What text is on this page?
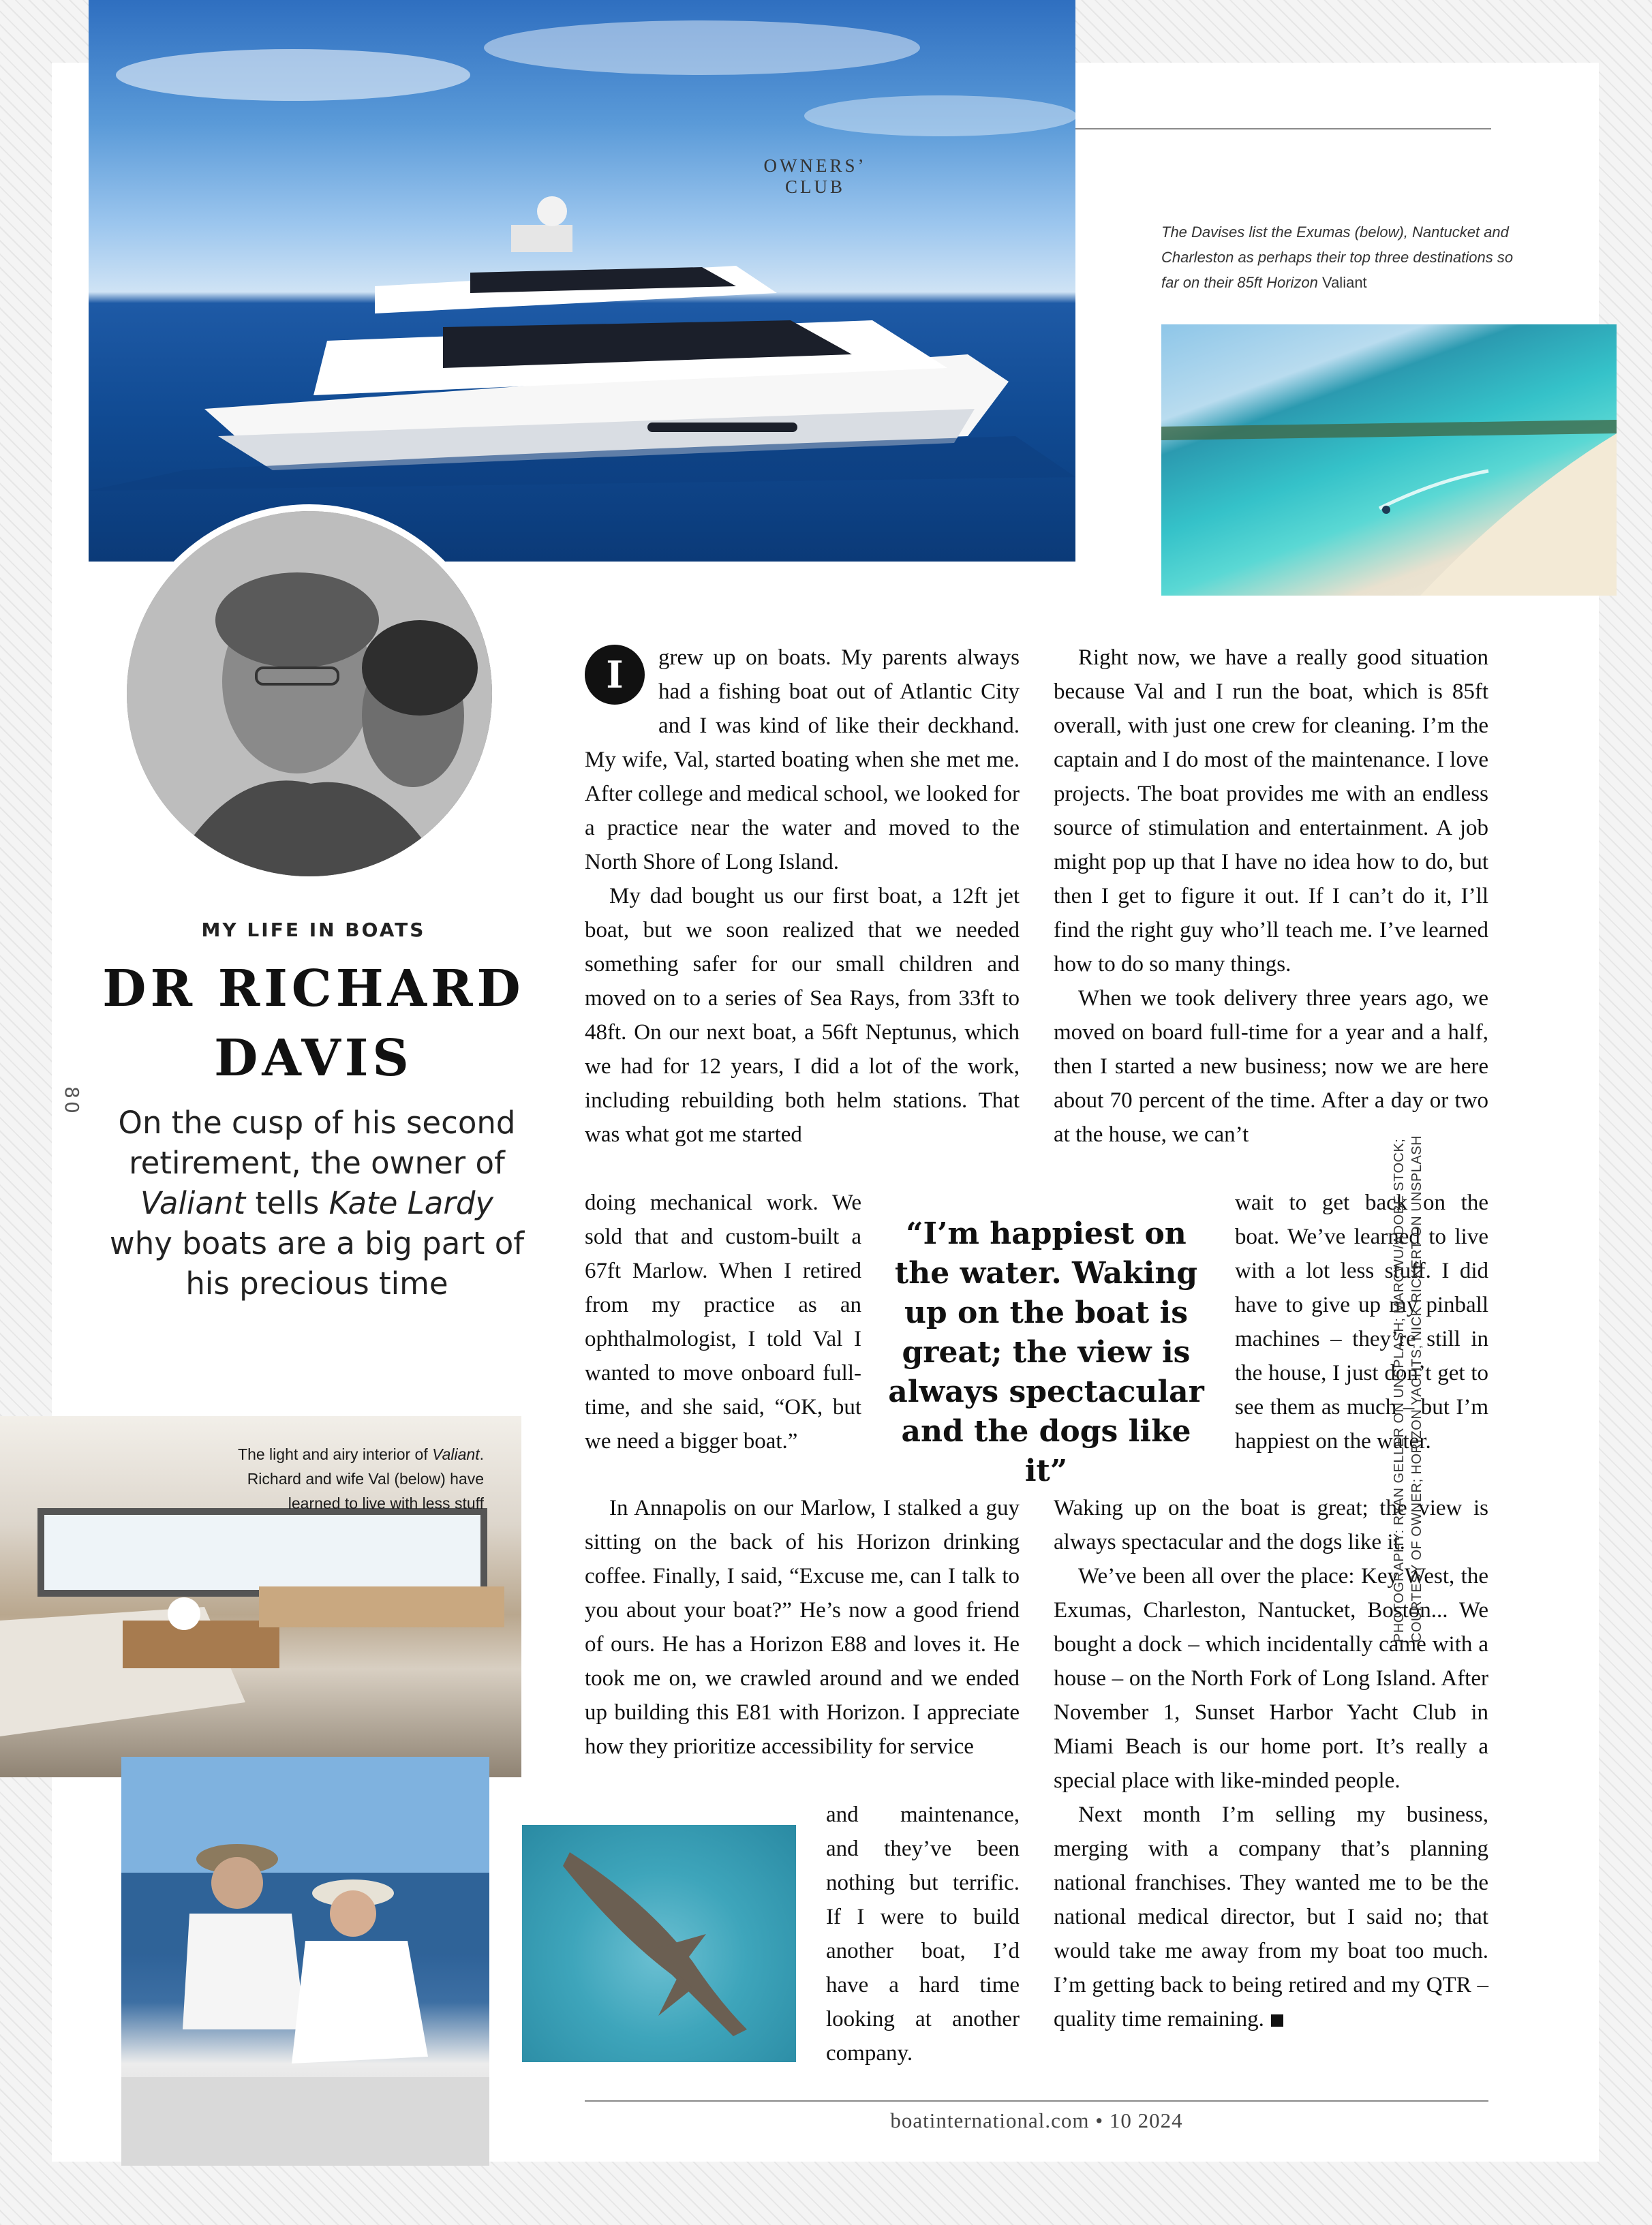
OWNERS’ CLUB
The Davises list the Exumas (below), Nantucket and Charleston as perhaps their top three destinations so far on their 85ft Horizon Valiant
MY LIFE IN BOATS
DR RICHARD
DAVIS
On the cusp of his second retirement, the owner of Valiant tells Kate Lardy why boats are a big part of his precious time
80
The light and airy interior of Valiant. Richard and wife Val (below) have learned to live with less stuff
I	grew up on boats. My parents always had a fishing boat out of Atlantic City and I was kind of like their deckhand. My wife, Val, started boating when she met me. After college and medical school, we looked for a practice near the water and moved to the North Shore of Long Island.

My dad bought us our first boat, a 12ft jet boat, but we soon realized that we needed something safer for our small children and moved on to a series of Sea Rays, from 33ft to 48ft. On our next boat, a 56ft Neptunus, which we had for 12 years, I did a lot of the work, including rebuilding both helm stations. That was what got me started

doing mechanical work. We sold that and custom-built a 67ft Marlow. When I retired from my practice as an ophthalmologist, I told Val I wanted to move onboard full-time, and she said, “OK, but we need a bigger boat.”

In Annapolis on our Marlow, I stalked a guy sitting on the back of his Horizon drinking coffee. Finally, I said, “Excuse me, can I talk to you about your boat?” He’s now a good friend of ours. He has a Horizon E88 and loves it. He took me on, we crawled around and we ended up building this E81 with Horizon. I appreciate how they prioritize accessibility for service

and maintenance, and they’ve been nothing but terrific. If I were to build another boat, I’d have a hard time looking at another company.

Right now, we have a really good situation because Val and I run the boat, which is 85ft overall, with just one crew for cleaning. I’m the captain and I do most of the maintenance. I love projects. The boat provides me with an endless source of stimulation and entertainment. A job might pop up that I have no idea how to do, but then I get to figure it out. If I can’t do it, I’ll find the right guy who’ll teach me. I’ve learned how to do so many things.

When we took delivery three years ago, we moved on board full-time for a year and a half, then I started a new business; now we are here about 70 percent of the time. After a day or two at the house, we can’t

wait to get back on the boat. We’ve learned to live with a lot less stuff. I did have to give up my pinball machines – they’re still in the house, I just don’t get to see them as much – but I’m happiest on the water.

Waking up on the boat is great; the view is always spectacular and the dogs like it.

We’ve been all over the place: Key West, the Exumas, Charleston, Nantucket, Boston... We bought a dock – which incidentally came with a house – on the North Fork of Long Island. After November 1, Sunset Harbor Yacht Club in Miami Beach is our home port. It’s really a special place with like-minded people.

Next month I’m selling my business, merging with a company that’s planning national franchises. They wanted me to be the national medical director, but I said no; that would take me away from my boat too much. I’m getting back to being retired and my QTR – quality time remaining.

“I’m happiest on the water. Waking up on the boat is great; the view is always spectacular and the dogs like it”	PHOTOGRAPHY: RYAN GELLER ON UNSPLASH; MARCWU/ADOBE STOCK; COURTESY OF OWNER; HORIZON YACHTS; NICK RICKERT ON UNSPLASH
boatinternational.com • 10 2024
